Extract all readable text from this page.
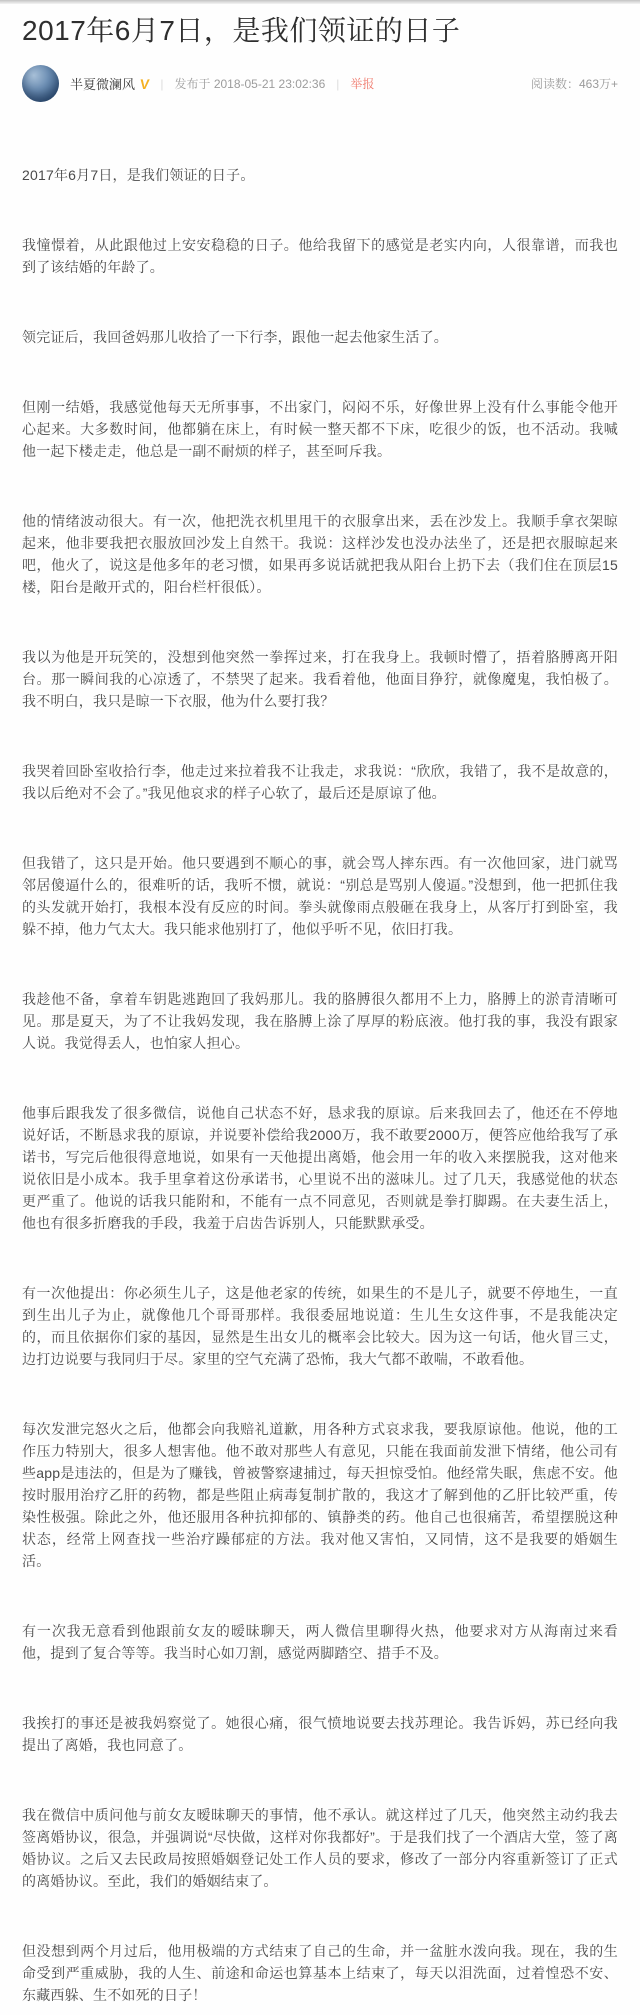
2017年6月7日，是我们领证的日子
半夏微澜风 V | 发布于 2018-05-21 23:02:36 | 举报	阅读数：463万+

2017年6月7日，是我们领证的日子。

我憧憬着，从此跟他过上安安稳稳的日子。他给我留下的感觉是老实内向，人很靠谱，而我也到了该结婚的年龄了。

领完证后，我回爸妈那儿收拾了一下行李，跟他一起去他家生活了。

但刚一结婚，我感觉他每天无所事事，不出家门，闷闷不乐，好像世界上没有什么事能令他开心起来。大多数时间，他都躺在床上，有时候一整天都不下床，吃很少的饭，也不活动。我喊他一起下楼走走，他总是一副不耐烦的样子，甚至呵斥我。

他的情绪波动很大。有一次，他把洗衣机里甩干的衣服拿出来，丢在沙发上。我顺手拿衣架晾起来，他非要我把衣服放回沙发上自然干。我说：这样沙发也没办法坐了，还是把衣服晾起来吧，他火了，说这是他多年的老习惯，如果再多说话就把我从阳台上扔下去（我们住在顶层15楼，阳台是敞开式的，阳台栏杆很低）。

我以为他是开玩笑的，没想到他突然一拳挥过来，打在我身上。我顿时懵了，捂着胳膊离开阳台。那一瞬间我的心凉透了，不禁哭了起来。我看着他，他面目狰狞，就像魔鬼，我怕极了。我不明白，我只是晾一下衣服，他为什么要打我？

我哭着回卧室收拾行李，他走过来拉着我不让我走，求我说：“欣欣，我错了，我不是故意的，我以后绝对不会了。”我见他哀求的样子心软了，最后还是原谅了他。

但我错了，这只是开始。他只要遇到不顺心的事，就会骂人摔东西。有一次他回家，进门就骂邻居傻逼什么的，很难听的话，我听不惯，就说：“别总是骂别人傻逼。”没想到，他一把抓住我的头发就开始打，我根本没有反应的时间。拳头就像雨点般砸在我身上，从客厅打到卧室，我躲不掉，他力气太大。我只能求他别打了，他似乎听不见，依旧打我。

我趁他不备，拿着车钥匙逃跑回了我妈那儿。我的胳膊很久都用不上力，胳膊上的淤青清晰可见。那是夏天，为了不让我妈发现，我在胳膊上涂了厚厚的粉底液。他打我的事，我没有跟家人说。我觉得丢人，也怕家人担心。

他事后跟我发了很多微信，说他自己状态不好，恳求我的原谅。后来我回去了，他还在不停地说好话，不断恳求我的原谅，并说要补偿给我2000万，我不敢要2000万，便答应他给我写了承诺书，写完后他很得意地说，如果有一天他提出离婚，他会用一年的收入来摆脱我，这对他来说依旧是小成本。我手里拿着这份承诺书，心里说不出的滋味儿。过了几天，我感觉他的状态更严重了。他说的话我只能附和，不能有一点不同意见，否则就是拳打脚踢。在夫妻生活上，他也有很多折磨我的手段，我羞于启齿告诉别人，只能默默承受。

有一次他提出：你必须生儿子，这是他老家的传统，如果生的不是儿子，就要不停地生，一直到生出儿子为止，就像他几个哥哥那样。我很委屈地说道：生儿生女这件事，不是我能决定的，而且依据你们家的基因，显然是生出女儿的概率会比较大。因为这一句话，他火冒三丈，边打边说要与我同归于尽。家里的空气充满了恐怖，我大气都不敢喘，不敢看他。

每次发泄完怒火之后，他都会向我赔礼道歉，用各种方式哀求我，要我原谅他。他说，他的工作压力特别大，很多人想害他。他不敢对那些人有意见，只能在我面前发泄下情绪，他公司有些app是违法的，但是为了赚钱，曾被警察逮捕过，每天担惊受怕。他经常失眠，焦虑不安。他按时服用治疗乙肝的药物，都是些阻止病毒复制扩散的，我这才了解到他的乙肝比较严重，传染性极强。除此之外，他还服用各种抗抑郁的、镇静类的药。他自己也很痛苦，希望摆脱这种状态，经常上网查找一些治疗躁郁症的方法。我对他又害怕，又同情，这不是我要的婚姻生活。

有一次我无意看到他跟前女友的暧昧聊天，两人微信里聊得火热，他要求对方从海南过来看他，提到了复合等等。我当时心如刀割，感觉两脚踏空、措手不及。

我挨打的事还是被我妈察觉了。她很心痛，很气愤地说要去找苏理论。我告诉妈，苏已经向我提出了离婚，我也同意了。

我在微信中质问他与前女友暧昧聊天的事情，他不承认。就这样过了几天，他突然主动约我去签离婚协议，很急，并强调说“尽快做，这样对你我都好”。于是我们找了一个酒店大堂，签了离婚协议。之后又去民政局按照婚姻登记处工作人员的要求，修改了一部分内容重新签订了正式的离婚协议。至此，我们的婚姻结束了。

但没想到两个月过后，他用极端的方式结束了自己的生命，并一盆脏水泼向我。现在，我的生命受到严重威胁，我的人生、前途和命运也算基本上结束了，每天以泪洗面，过着惶恐不安、东藏西躲、生不如死的日子！
